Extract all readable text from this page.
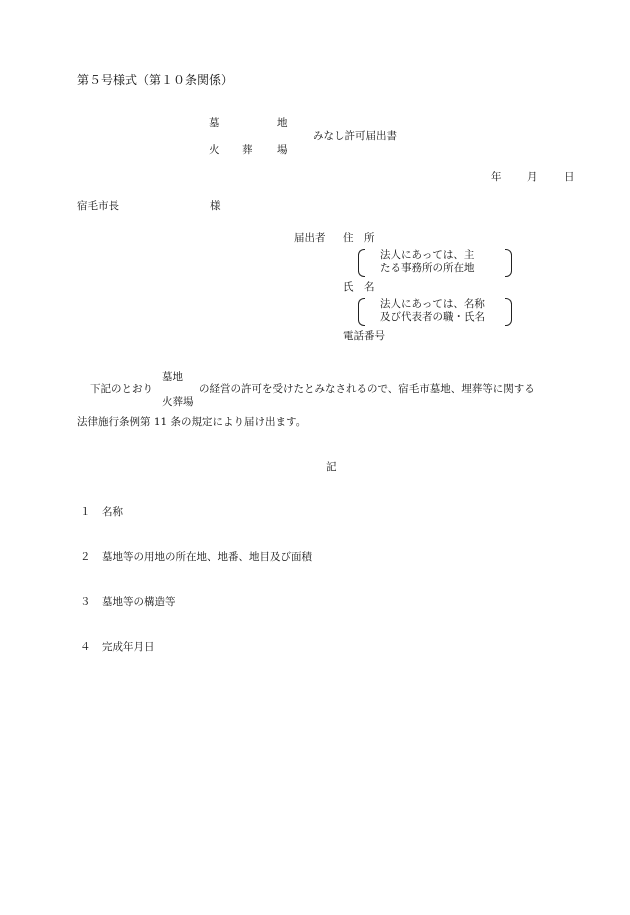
第５号様式（第１０条関係）
墓	地
火 葬 場
みなし許可届出書
年 月	日
宿毛市長	様
届出者 住　所
法人にあっては、主
たる事務所の所在地
氏　名
法人にあっては、名称
及び代表者の職・氏名
電話番号
墓地
下記のとおり	の経営の許可を受けたとみなされるので、宿毛市墓地、埋葬等に関する
火葬場
法律施行条例第 11 条の規定により届け出ます。
記
１ 名称
２ 墓地等の用地の所在地、地番、地目及び面積
３ 墓地等の構造等
４ 完成年月日
